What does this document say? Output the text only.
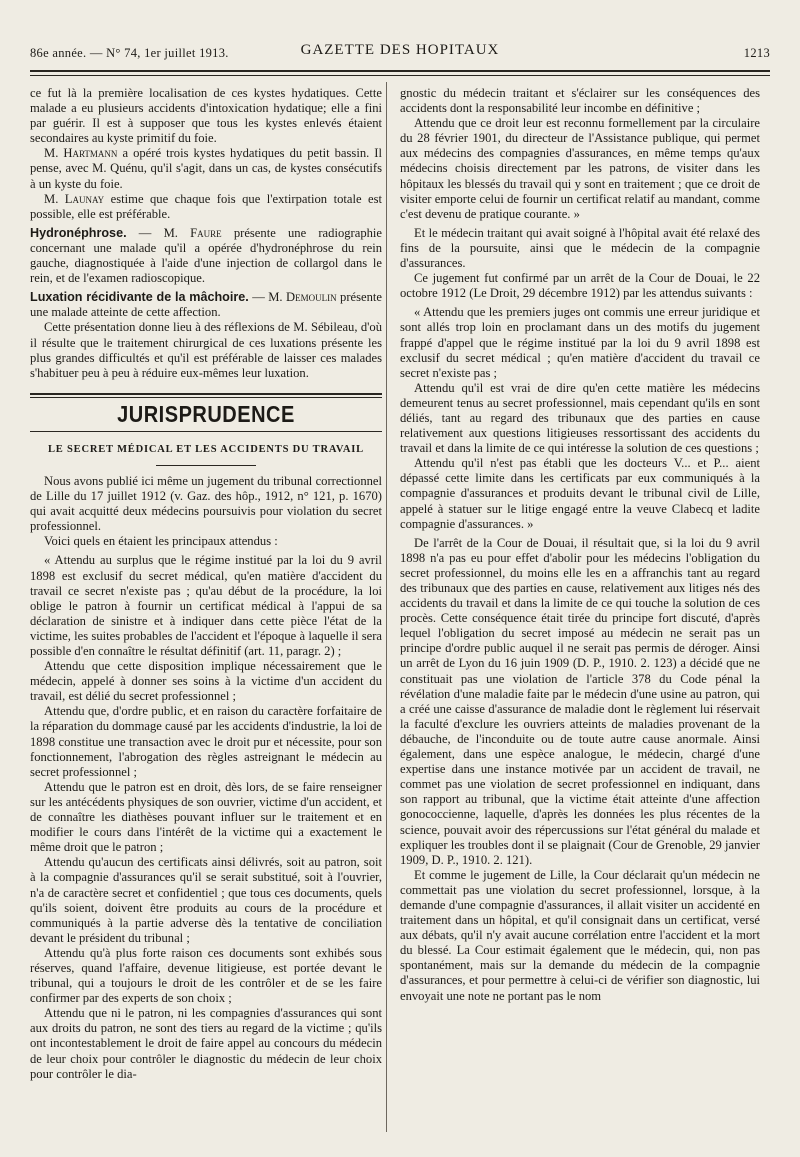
86e année. — N° 74, 1er juillet 1913.	GAZETTE DES HOPITAUX	1213

ce fut là la première localisation de ces kystes hydatiques. Cette malade a eu plusieurs accidents d'intoxication hydatique; elle a fini par guérir. Il est à supposer que tous les kystes enlevés étaient secondaires au kyste primitif du foie.

M. Hartmann a opéré trois kystes hydatiques du petit bassin. Il pense, avec M. Quénu, qu'il s'agit, dans un cas, de kystes consécutifs à un kyste du foie.

M. Launay estime que chaque fois que l'extirpation totale est possible, elle est préférable.

Hydronéphrose. — M. Faure présente une radiographie concernant une malade qu'il a opérée d'hydronéphrose du rein gauche, diagnostiquée à l'aide d'une injection de collargol dans le rein, et de l'examen radioscopique.

Luxation récidivante de la mâchoire. — M. Demoulin présente une malade atteinte de cette affection.

Cette présentation donne lieu à des réflexions de M. Sébileau, d'où il résulte que le traitement chirurgical de ces luxations présente les plus grandes difficultés et qu'il est préférable de laisser ces malades s'habituer peu à peu à réduire eux-mêmes leur luxation.

JURISPRUDENCE
LE SECRET MÉDICAL ET LES ACCIDENTS DU TRAVAIL

Nous avons publié ici même un jugement du tribunal correctionnel de Lille du 17 juillet 1912 (v. Gaz. des hôp., 1912, n° 121, p. 1670) qui avait acquitté deux médecins poursuivis pour violation du secret professionnel.

Voici quels en étaient les principaux attendus :

« Attendu au surplus que le régime institué par la loi du 9 avril 1898 est exclusif du secret médical, qu'en matière d'accident du travail ce secret n'existe pas ; qu'au début de la procédure, la loi oblige le patron à fournir un certificat médical à l'appui de sa déclaration de sinistre et à indiquer dans cette pièce l'état de la victime, les suites probables de l'accident et l'époque à laquelle il sera possible d'en connaître le résultat définitif (art. 11, paragr. 2) ;

Attendu que cette disposition implique nécessairement que le médecin, appelé à donner ses soins à la victime d'un accident du travail, est délié du secret professionnel ;

Attendu que, d'ordre public, et en raison du caractère forfaitaire de la réparation du dommage causé par les accidents d'industrie, la loi de 1898 constitue une transaction avec le droit pur et nécessite, pour son fonctionnement, l'abrogation des règles astreignant le médecin au secret professionnel ;

Attendu que le patron est en droit, dès lors, de se faire renseigner sur les antécédents physiques de son ouvrier, victime d'un accident, et de connaître les diathèses pouvant influer sur le traitement et en modifier le cours dans l'intérêt de la victime qui a exactement le même droit que le patron ;

Attendu qu'aucun des certificats ainsi délivrés, soit au patron, soit à la compagnie d'assurances qu'il se serait substitué, soit à l'ouvrier, n'a de caractère secret et confidentiel ; que tous ces documents, quels qu'ils soient, doivent être produits au cours de la procédure et communiqués à la partie adverse dès la tentative de conciliation devant le président du tribunal ;

Attendu qu'à plus forte raison ces documents sont exhibés sous réserves, quand l'affaire, devenue litigieuse, est portée devant le tribunal, qui a toujours le droit de les contrôler et de se les faire confirmer par des experts de son choix ;

Attendu que ni le patron, ni les compagnies d'assurances qui sont aux droits du patron, ne sont des tiers au regard de la victime ; qu'ils ont incontestablement le droit de faire appel au concours du médecin de leur choix pour contrôler le diagnostic du médecin de leur choix pour contrôler le dia-

gnostic du médecin traitant et s'éclairer sur les conséquences des accidents dont la responsabilité leur incombe en définitive ;

Attendu que ce droit leur est reconnu formellement par la circulaire du 28 février 1901, du directeur de l'Assistance publique, qui permet aux médecins des compagnies d'assurances, en même temps qu'aux médecins choisis directement par les patrons, de visiter dans les hôpitaux les blessés du travail qui y sont en traitement ; que ce droit de visiter emporte celui de fournir un certificat relatif au mandant, comme c'est devenu de pratique courante. »

Et le médecin traitant qui avait soigné à l'hôpital avait été relaxé des fins de la poursuite, ainsi que le médecin de la compagnie d'assurances.

Ce jugement fut confirmé par un arrêt de la Cour de Douai, le 22 octobre 1912 (Le Droit, 29 décembre 1912) par les attendus suivants :

« Attendu que les premiers juges ont commis une erreur juridique et sont allés trop loin en proclamant dans un des motifs du jugement frappé d'appel que le régime institué par la loi du 9 avril 1898 est exclusif du secret médical ; qu'en matière d'accident du travail ce secret n'existe pas ;

Attendu qu'il est vrai de dire qu'en cette matière les médecins demeurent tenus au secret professionnel, mais cependant qu'ils en sont déliés, tant au regard des tribunaux que des parties en cause relativement aux questions litigieuses ressortissant des accidents du travail et dans la limite de ce qui intéresse la solution de ces questions ;

Attendu qu'il n'est pas établi que les docteurs V... et P... aient dépassé cette limite dans les certificats par eux communiqués à la compagnie d'assurances et produits devant le tribunal civil de Lille, appelé à statuer sur le litige engagé entre la veuve Clabecq et ladite compagnie d'assurances. »

De l'arrêt de la Cour de Douai, il résultait que, si la loi du 9 avril 1898 n'a pas eu pour effet d'abolir pour les médecins l'obligation du secret professionnel, du moins elle les en a affranchis tant au regard des tribunaux que des parties en cause, relativement aux litiges nés des accidents du travail et dans la limite de ce qui touche la solution de ces procès. Cette conséquence était tirée du principe fort discuté, d'après lequel l'obligation du secret imposé au médecin ne serait pas un principe d'ordre public auquel il ne serait pas permis de déroger. Ainsi un arrêt de Lyon du 16 juin 1909 (D. P., 1910. 2. 123) a décidé que ne constituait pas une violation de l'article 378 du Code pénal la révélation d'une maladie faite par le médecin d'une usine au patron, qui a créé une caisse d'assurance de maladie dont le règlement lui réservait la faculté d'exclure les ouvriers atteints de maladies provenant de la débauche, de l'inconduite ou de toute autre cause anormale. Ainsi également, dans une espèce analogue, le médecin, chargé d'une expertise dans une instance motivée par un accident de travail, ne commet pas une violation de secret professionnel en indiquant, dans son rapport au tribunal, que la victime était atteinte d'une affection gonococcienne, laquelle, d'après les données les plus récentes de la science, pouvait avoir des répercussions sur l'état général du malade et expliquer les troubles dont il se plaignait (Cour de Grenoble, 29 janvier 1909, D. P., 1910. 2. 121).

Et comme le jugement de Lille, la Cour déclarait qu'un médecin ne commettait pas une violation du secret professionnel, lorsque, à la demande d'une compagnie d'assurances, il allait visiter un accidenté en traitement dans un hôpital, et qu'il consignait dans un certificat, versé aux débats, qu'il n'y avait aucune corrélation entre l'accident et la mort du blessé. La Cour estimait également que le médecin, qui, non pas spontanément, mais sur la demande du médecin de la compagnie d'assurances, et pour permettre à celui-ci de vérifier son diagnostic, lui envoyait une note ne portant pas le nom
